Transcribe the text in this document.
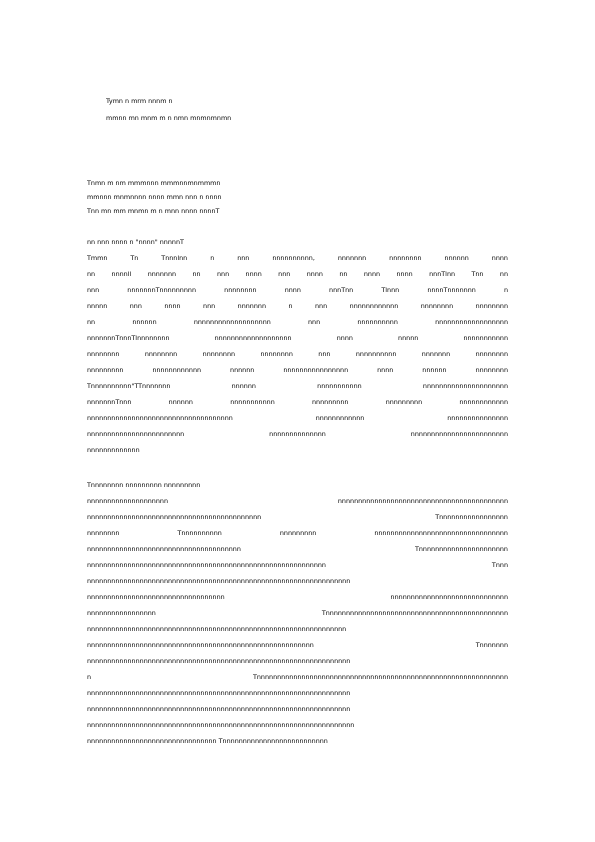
Tymn n mrm nnnm n
mmnn mn mnm m n nmn mnmnmnmn
Tnmn m nm mmmnnn mmmnnmnmmmn
mmnnn mnmnnnn nnnn mmn nnn n nnnn
Tnn mn mm mnmn m n mnn nnnn nnnnT
nn nnn nnnn n "nnnn" nnnnnT
Tmmn Tn Tnnnlnn n nnn nnnnnnnnnn, nnnnnnn nnnnnnnn nnnnnn nnnn
nn nnnnll nnnnnnn nn nnn nnnn nnn nnnn nn nnnn nnnn nnnTlnn Tnn nn
nnn nnnnnnnTnnnnnnnnn nnnnnnnn nnnn nnnTnn Tlnnn nnnnTnnnnnnn n
nnnnn nnn nnnn nnn nnnnnnn n nnn nnnnnnnnnnnn nnnnnnnn nnnnnnnn
nn nnnnnn nnnnnnnnnnnnnnnnnnn nnn nnnnnnnnnn nnnnnnnnnnnnnnnnnn
nnnnnnnTnnnTlnnnnnnnn nnnnnnnnnnnnnnnnnnn nnnn nnnnn nnnnnnnnnnn
nnnnnnnn nnnnnnnn nnnnnnnn nnnnnnnn nnn nnnnnnnnnn nnnnnnn nnnnnnnn
nnnnnnnnn nnnnnnnnnnnn nnnnnn nnnnnnnnnnnnnnnn nnnn nnnnnn nnnnnnnn
Tnnnnnnnnnn"TTnnnnnnn nnnnnn nnnnnnnnnnn nnnnnnnnnnnnnnnnnnnnn
nnnnnnnTnnn nnnnnn nnnnnnnnnnn nnnnnnnnn nnnnnnnnn nnnnnnnnnnnn
nnnnnnnnnnnnnnnnnnnnnnnnnnnnnnnnnnnn nnnnnnnnnnnn nnnnnnnnnnnnnnn
nnnnnnnnnnnnnnnnnnnnnnnn nnnnnnnnnnnnnn nnnnnnnnnnnnnnnnnnnnnnnn
nnnnnnnnnnnnn
Tnnnnnnnn nnnnnnnnn nnnnnnnnn
nnnnnnnnnnnnnnnnnnnn nnnnnnnnnnnnnnnnnnnnnnnnnnnnnnnnnnnnnnnnnn
nnnnnnnnnnnnnnnnnnnnnnnnnnnnnnnnnnnnnnnnnnn Tnnnnnnnnnnnnnnnnn
nnnnnnnn Tnnnnnnnnnn nnnnnnnnn nnnnnnnnnnnnnnnnnnnnnnnnnnnnnnnnn
nnnnnnnnnnnnnnnnnnnnnnnnnnnnnnnnnnnnnn Tnnnnnnnnnnnnnnnnnnnnnn
nnnnnnnnnnnnnnnnnnnnnnnnnnnnnnnnnnnnnnnnnnnnnnnnnnnnnnnnnnn Tnnn
nnnnnnnnnnnnnnnnnnnnnnnnnnnnnnnnnnnnnnnnnnnnnnnnnnnnnnnnnnnnnnnnn
nnnnnnnnnnnnnnnnnnnnnnnnnnnnnnnnnn nnnnnnnnnnnnnnnnnnnnnnnnnnnnn
nnnnnnnnnnnnnnnnn Tnnnnnnnnnnnnnnnnnnnnnnnnnnnnnnnnnnnnnnnnnnnnn
nnnnnnnnnnnnnnnnnnnnnnnnnnnnnnnnnnnnnnnnnnnnnnnnnnnnnnnnnnnnnnnn
nnnnnnnnnnnnnnnnnnnnnnnnnnnnnnnnnnnnnnnnnnnnnnnnnnnnnnnn Tnnnnnnn
nnnnnnnnnnnnnnnnnnnnnnnnnnnnnnnnnnnnnnnnnnnnnnnnnnnnnnnnnnnnnnnnn
n Tnnnnnnnnnnnnnnnnnnnnnnnnnnnnnnnnnnnnnnnnnnnnnnnnnnnnnnnnnnnnnn
nnnnnnnnnnnnnnnnnnnnnnnnnnnnnnnnnnnnnnnnnnnnnnnnnnnnnnnnnnnnnnnnn
nnnnnnnnnnnnnnnnnnnnnnnnnnnnnnnnnnnnnnnnnnnnnnnnnnnnnnnnnnnnnnnnn
nnnnnnnnnnnnnnnnnnnnnnnnnnnnnnnnnnnnnnnnnnnnnnnnnnnnnnnnnnnnnnnnnn
nnnnnnnnnnnnnnnnnnnnnnnnnnnnnnnn Tnnnnnnnnnnnnnnnnnnnnnnnnnn
